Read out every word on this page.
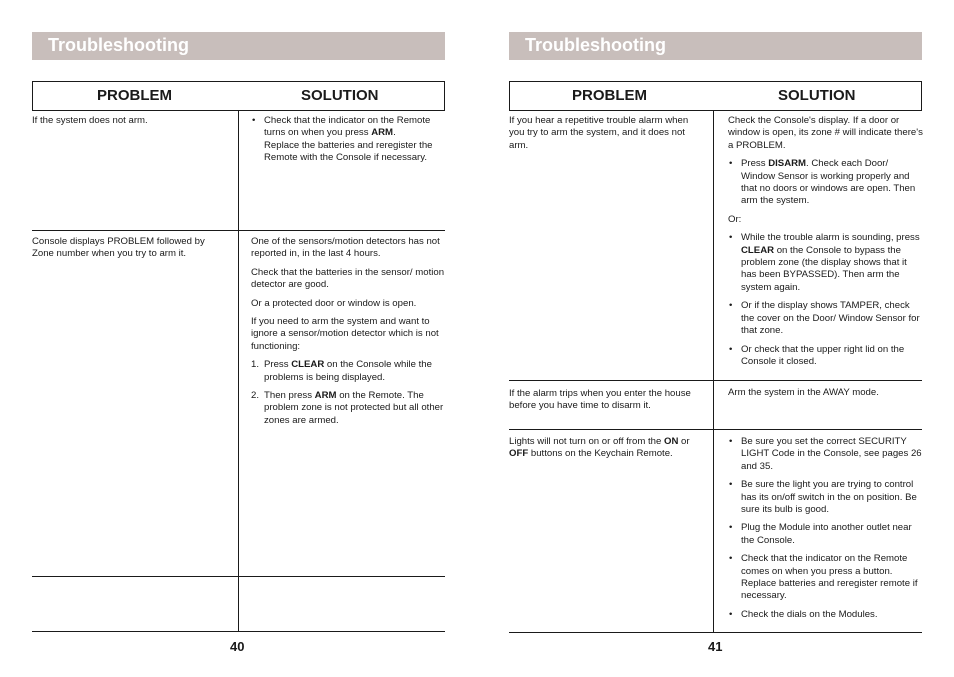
Troubleshooting
PROBLEM	SOLUTION

If the system does not arm.

•	Check that the indicator on the Remote turns on when you press ARM.
Replace the batteries and reregister the Remote with the Console if necessary.

Console displays PROBLEM followed by Zone number when you try to arm it.

One of the sensors/motion detectors has not reported in, in the last 4 hours.

Check that the batteries in the sensor/ motion detector are good.

Or a protected door or window is open.

If you need to arm the system and want to ignore a sensor/motion detector which is not functioning:

1. Press CLEAR on the Console while the problems is being displayed.
2. Then press ARM on the Remote. The problem zone is not protected but all other zones are armed.
40
Troubleshooting
PROBLEM	SOLUTION

If you hear a repetitive trouble alarm when you try to arm the system, and it does not arm.

Check the Console's display. If a door or window is open, its zone # will indicate there's a PROBLEM.

• Press DISARM. Check each Door/ Window Sensor is working properly and that no doors or windows are open. Then arm the system.

Or:

• While the trouble alarm is sounding, press CLEAR on the Console to bypass the problem zone (the display shows that it has been BYPASSED). Then arm the system again.
• Or if the display shows TAMPER, check the cover on the Door/ Window Sensor for that zone.
• Or check that the upper right lid on the Console it closed.

If the alarm trips when you enter the house before you have time to disarm it.

Arm the system in the AWAY mode.

Lights will not turn on or off from the ON or OFF buttons on the Keychain Remote.

• Be sure you set the correct SECURITY LIGHT Code in the Console, see pages 26 and 35.
• Be sure the light you are trying to control has its on/off switch in the on position. Be sure its bulb is good.
• Plug the Module into another outlet near the Console.
• Check that the indicator on the Remote comes on when you press a button. Replace batteries and reregister remote if necessary.
• Check the dials on the Modules.
41
